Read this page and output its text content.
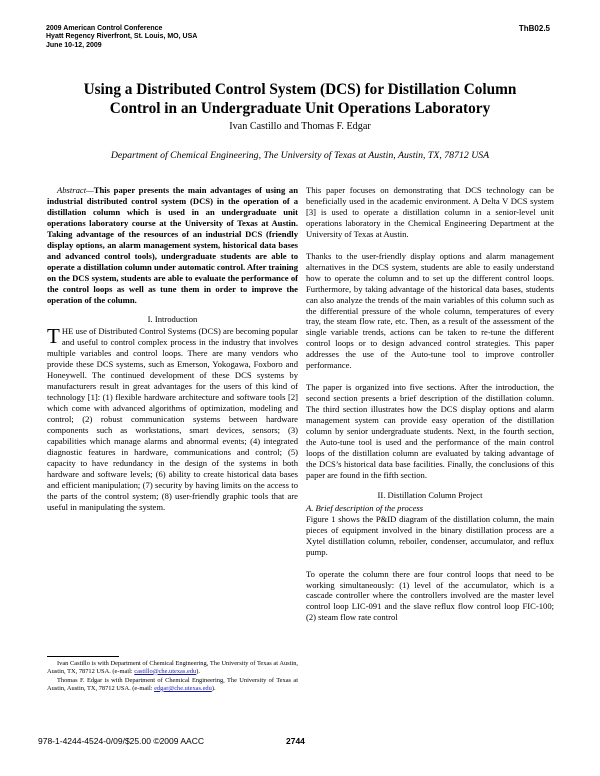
2009 American Control Conference
Hyatt Regency Riverfront, St. Louis, MO, USA
June 10-12, 2009
ThB02.5
Using a Distributed Control System (DCS) for Distillation Column Control in an Undergraduate Unit Operations Laboratory
Ivan Castillo and Thomas F. Edgar
Department of Chemical Engineering, The University of Texas at Austin, Austin, TX, 78712 USA

Abstract—This paper presents the main advantages of using an industrial distributed control system (DCS) in the operation of a distillation column which is used in an undergraduate unit operations laboratory course at the University of Texas at Austin. Taking advantage of the resources of an industrial DCS (friendly display options, an alarm management system, historical data bases and advanced control tools), undergraduate students are able to operate a distillation column under automatic control. After training on the DCS system, students are able to evaluate the performance of the control loops as well as tune them in order to improve the operation of the column.

I. Introduction

THE use of Distributed Control Systems (DCS) are becoming popular and useful to control complex process in the industry that involves multiple variables and control loops. There are many vendors who provide these DCS systems, such as Emerson, Yokogawa, Foxboro and Honeywell. The continued development of these DCS systems by manufacturers result in great advantages for the users of this kind of technology [1]: (1) flexible hardware architecture and software tools [2] which come with advanced algorithms of optimization, modeling and control; (2) robust communication systems between hardware components such as workstations, smart devices, sensors; (3) capabilities which manage alarms and abnormal events; (4) integrated diagnostic features in hardware, communications and control; (5) capacity to have redundancy in the design of the systems in both hardware and software levels; (6) ability to create historical data bases and efficient manipulation; (7) security by having limits on the access to the parts of the control system; (8) user-friendly graphic tools that are useful in manipulating the system.

Ivan Castillo is with Department of Chemical Engineering, The University of Texas at Austin, Austin, TX, 78712 USA. (e-mail: castillo@che.utexas.edu).

Thomas F. Edgar is with Department of Chemical Engineering, The University of Texas at Austin, Austin, TX, 78712 USA. (e-mail: edgar@che.utexas.edu).

This paper focuses on demonstrating that DCS technology can be beneficially used in the academic environment. A Delta V DCS system [3] is used to operate a distillation column in a senior-level unit operations laboratory in the Chemical Engineering Department at the University of Texas at Austin.

Thanks to the user-friendly display options and alarm management alternatives in the DCS system, students are able to easily understand how to operate the column and to set up the different control loops. Furthermore, by taking advantage of the historical data bases, students can also analyze the trends of the main variables of this column such as the differential pressure of the whole column, temperatures of every tray, the steam flow rate, etc. Then, as a result of the assessment of the single variable trends, actions can be taken to re-tune the different control loops or to design advanced control strategies. This paper addresses the use of the Auto-tune tool to improve controller performance.

The paper is organized into five sections. After the introduction, the second section presents a brief description of the distillation column. The third section illustrates how the DCS display options and alarm management system can provide easy operation of the distillation column by senior undergraduate students. Next, in the fourth section, the Auto-tune tool is used and the performance of the main control loops of the distillation column are evaluated by taking advantage of the DCS’s historical data base facilities. Finally, the conclusions of this paper are found in the fifth section.

II. Distillation Column Project
A. Brief description of the process

Figure 1 shows the P&ID diagram of the distillation column, the main pieces of equipment involved in the binary distillation process are a Xytel distillation column, reboiler, condenser, accumulator, and reflux pump.

To operate the column there are four control loops that need to be working simultaneously: (1) level of the accumulator, which is a cascade controller where the controllers involved are the master level control loop LIC-091 and the slave reflux flow control loop FIC-100; (2) steam flow rate control

978-1-4244-4524-0/09/$25.00 ©2009 AACC	2744
